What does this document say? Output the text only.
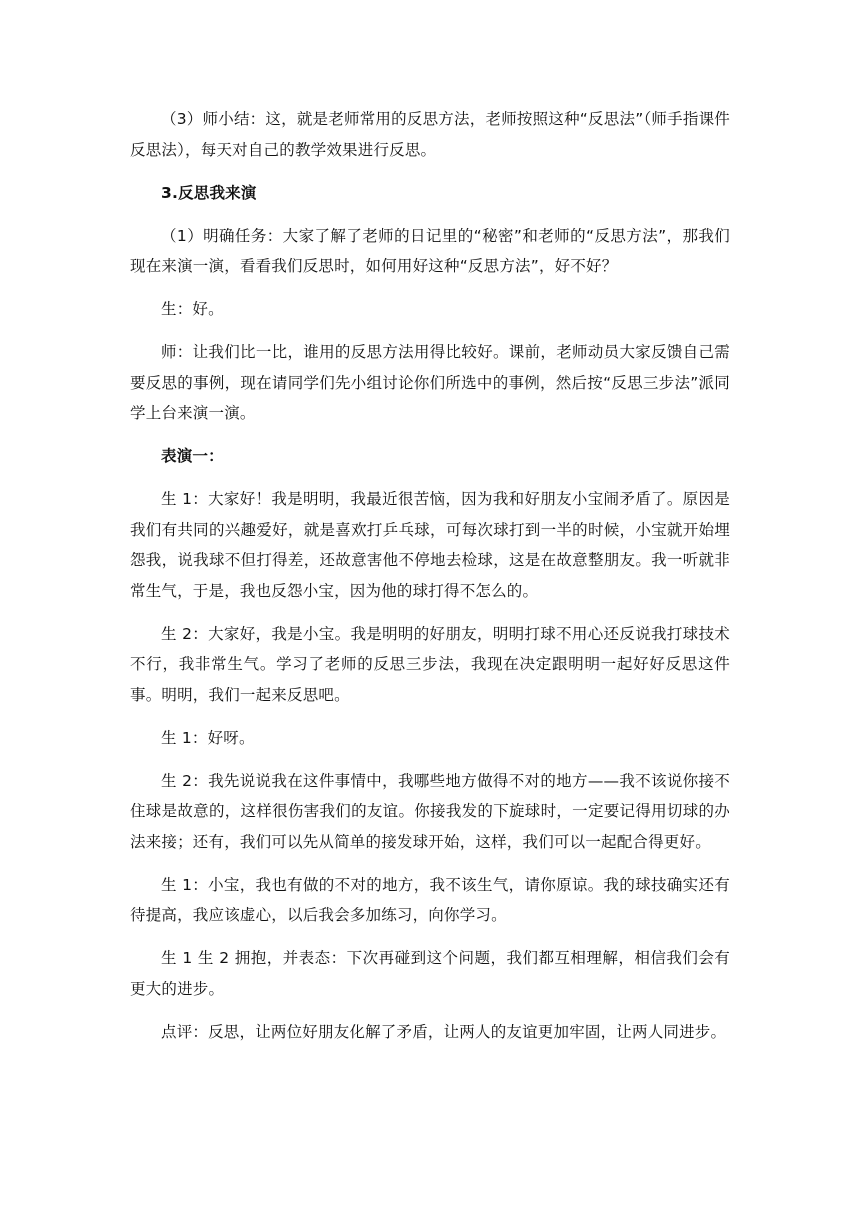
（3）师小结：这，就是老师常用的反思方法，老师按照这种“反思法”（师手指课件反思法），每天对自己的教学效果进行反思。

3.反思我来演

（1）明确任务：大家了解了老师的日记里的“秘密”和老师的“反思方法”，那我们现在来演一演，看看我们反思时，如何用好这种“反思方法”，好不好？

生：好。

师：让我们比一比，谁用的反思方法用得比较好。课前，老师动员大家反馈自己需要反思的事例，现在请同学们先小组讨论你们所选中的事例，然后按“反思三步法”派同学上台来演一演。

表演一：

生 1：大家好！我是明明，我最近很苦恼，因为我和好朋友小宝闹矛盾了。原因是我们有共同的兴趣爱好，就是喜欢打乒乓球，可每次球打到一半的时候，小宝就开始埋怨我，说我球不但打得差，还故意害他不停地去检球，这是在故意整朋友。我一听就非常生气，于是，我也反怨小宝，因为他的球打得不怎么的。

生 2：大家好，我是小宝。我是明明的好朋友，明明打球不用心还反说我打球技术不行，我非常生气。学习了老师的反思三步法，我现在决定跟明明一起好好反思这件事。明明，我们一起来反思吧。

生 1：好呀。

生 2：我先说说我在这件事情中，我哪些地方做得不对的地方——我不该说你接不住球是故意的，这样很伤害我们的友谊。你接我发的下旋球时，一定要记得用切球的办法来接；还有，我们可以先从简单的接发球开始，这样，我们可以一起配合得更好。

生 1：小宝，我也有做的不对的地方，我不该生气，请你原谅。我的球技确实还有待提高，我应该虚心，以后我会多加练习，向你学习。

生 1 生 2 拥抱，并表态：下次再碰到这个问题，我们都互相理解，相信我们会有更大的进步。

点评：反思，让两位好朋友化解了矛盾，让两人的友谊更加牢固，让两人同进步。
